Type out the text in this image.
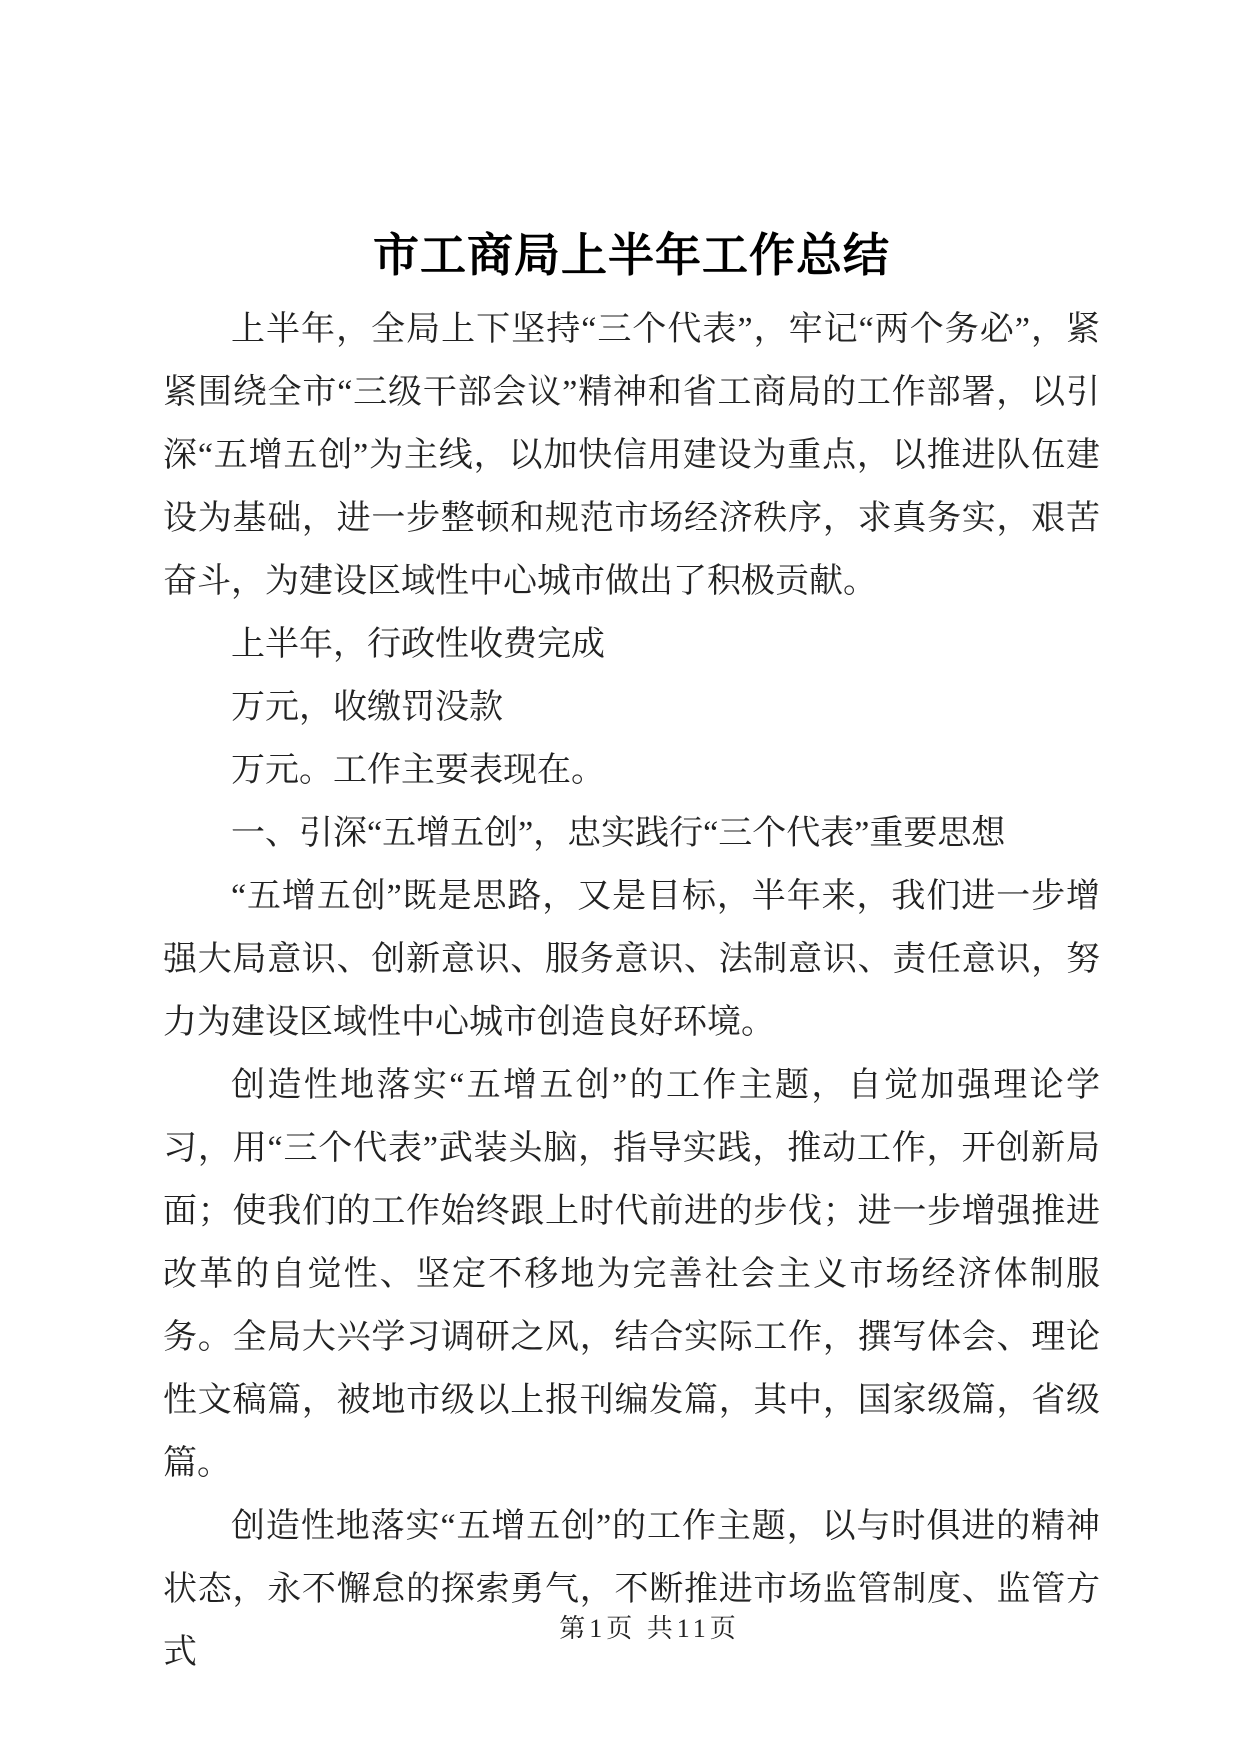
市工商局上半年工作总结

上半年，全局上下坚持“三个代表”，牢记“两个务必”，紧紧围绕全市“三级干部会议”精神和省工商局的工作部署，以引深“五增五创”为主线，以加快信用建设为重点，以推进队伍建设为基础，进一步整顿和规范市场经济秩序，求真务实，艰苦奋斗，为建设区域性中心城市做出了积极贡献。

上半年，行政性收费完成

万元，收缴罚没款

万元。工作主要表现在。

一、引深“五增五创”，忠实践行“三个代表”重要思想

“五增五创”既是思路，又是目标，半年来，我们进一步增强大局意识、创新意识、服务意识、法制意识、责任意识，努力为建设区域性中心城市创造良好环境。

创造性地落实“五增五创”的工作主题，自觉加强理论学习，用“三个代表”武装头脑，指导实践，推动工作，开创新局面；使我们的工作始终跟上时代前进的步伐；进一步增强推进改革的自觉性、坚定不移地为完善社会主义市场经济体制服务。全局大兴学习调研之风，结合实际工作，撰写体会、理论性文稿篇，被地市级以上报刊编发篇，其中，国家级篇，省级篇。

创造性地落实“五增五创”的工作主题，以与时俱进的精神状态，永不懈怠的探索勇气，不断推进市场监管制度、监管方式

第1页 共11页
